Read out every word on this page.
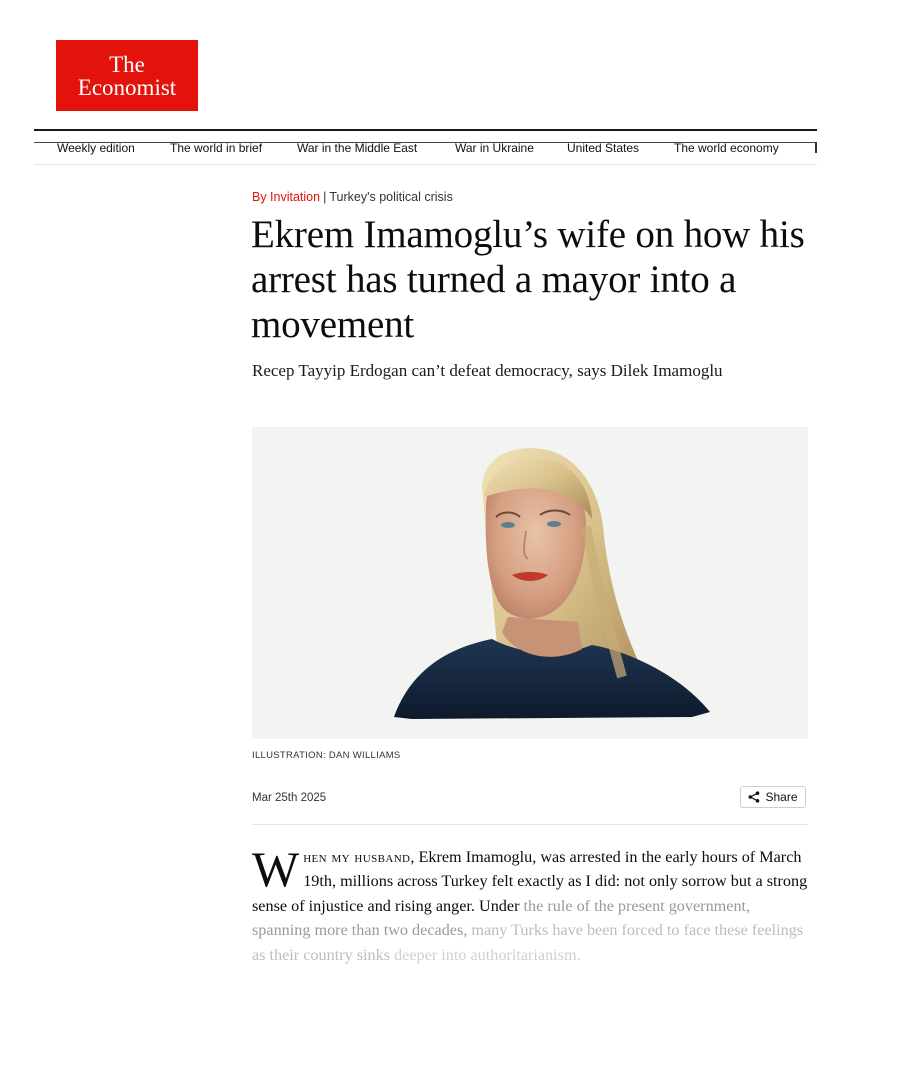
The
Economist
Weekly edition	The world in brief	War in the Middle East	War in Ukraine	United States	The world economy
By Invitation | Turkey's political crisis
Ekrem Imamoglu’s wife on how his arrest has turned a mayor into a movement
Recep Tayyip Erdogan can’t defeat democracy, says Dilek Imamoglu
ILLUSTRATION: DAN WILLIAMS
Mar 25th 2025	Share

When my husband, Ekrem Imamoglu, was arrested in the early hours of March 19th, millions across Turkey felt exactly as I did: not only sorrow but a strong sense of injustice and rising anger. Under the rule of the present government, spanning more than two decades, many Turks have been forced to face these feelings as their country sinks deeper into authoritarianism.
